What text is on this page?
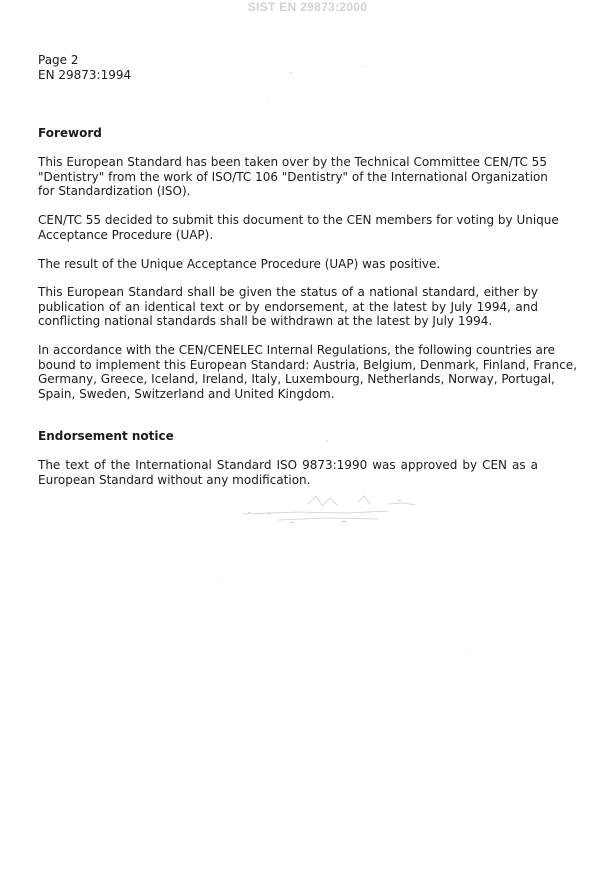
SIST EN 29873:2000
Page 2
EN 29873:1994
Foreword

This European Standard has been taken over by the Technical Committee CEN/TC 55
"Dentistry" from the work of ISO/TC 106 "Dentistry" of the International Organization
for Standardization (ISO).

CEN/TC 55 decided to submit this document to the CEN members for voting by Unique
Acceptance Procedure (UAP).

The result of the Unique Acceptance Procedure (UAP) was positive.

This European Standard shall be given the status of a national standard, either by
publication of an identical text or by endorsement, at the latest by July 1994, and
conflicting national standards shall be withdrawn at the latest by July 1994.

In accordance with the CEN/CENELEC Internal Regulations, the following countries are
bound to implement this European Standard: Austria, Belgium, Denmark, Finland, France,
Germany, Greece, Iceland, Ireland, Italy, Luxembourg, Netherlands, Norway, Portugal,
Spain, Sweden, Switzerland and United Kingdom.

Endorsement notice

The text of the International Standard ISO 9873:1990 was approved by CEN as a
European Standard without any modification.
